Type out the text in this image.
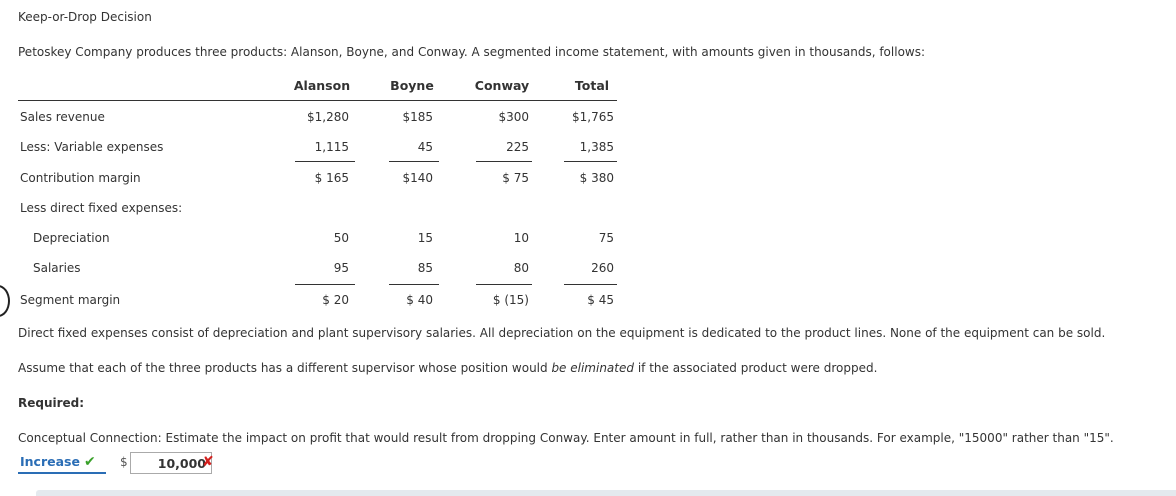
Keep-or-Drop Decision
Petoskey Company produces three products: Alanson, Boyne, and Conway. A segmented income statement, with amounts given in thousands, follows:
Alanson	Boyne	Conway	Total
Sales revenue	$1,280	$185	$300	$1,765
Less: Variable expenses	1,115	45	225	1,385
Contribution margin	$ 165	$140	$ 75	$ 380
Less direct fixed expenses:
Depreciation	50	15	10	75
Salaries	95	85	80	260
Segment margin	$ 20	$ 40	$ (15)	$ 45
Direct fixed expenses consist of depreciation and plant supervisory salaries. All depreciation on the equipment is dedicated to the product lines. None of the equipment can be sold.
Assume that each of the three products has a different supervisor whose position would be eliminated if the associated product were dropped.
Required:
Conceptual Connection: Estimate the impact on profit that would result from dropping Conway. Enter amount in full, rather than in thousands. For example, "15000" rather than "15".
Increase ✔ $
10,000	✘
